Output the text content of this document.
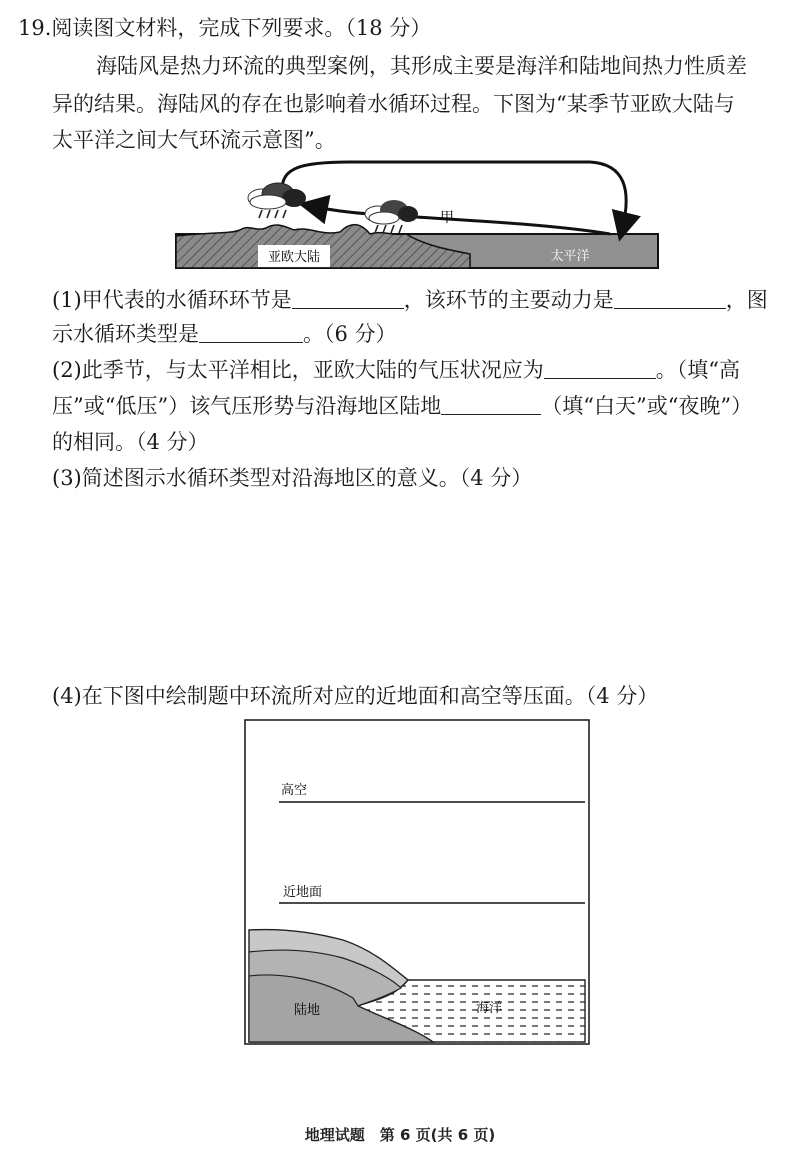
19.阅读图文材料，完成下列要求。（18 分）
海陆风是热力环流的典型案例，其形成主要是海洋和陆地间热力性质差
异的结果。海陆风的存在也影响着水循环过程。下图为“某季节亚欧大陆与
太平洋之间大气环流示意图”。
亚欧大陆	太平洋
甲
(1)甲代表的水循环环节是	，该环节的主要动力是	，图
示水循环类型是	。（6 分）
(2)此季节，与太平洋相比，亚欧大陆的气压状况应为	。（填“高
压”或“低压”）该气压形势与沿海地区陆地	（填“白天”或“夜晚”）
的相同。（4 分）
(3)简述图示水循环类型对沿海地区的意义。（4 分）
(4)在下图中绘制题中环流所对应的近地面和高空等压面。（4 分）
高空
近地面
陆地	海洋
地理试题　第 6 页(共 6 页)
